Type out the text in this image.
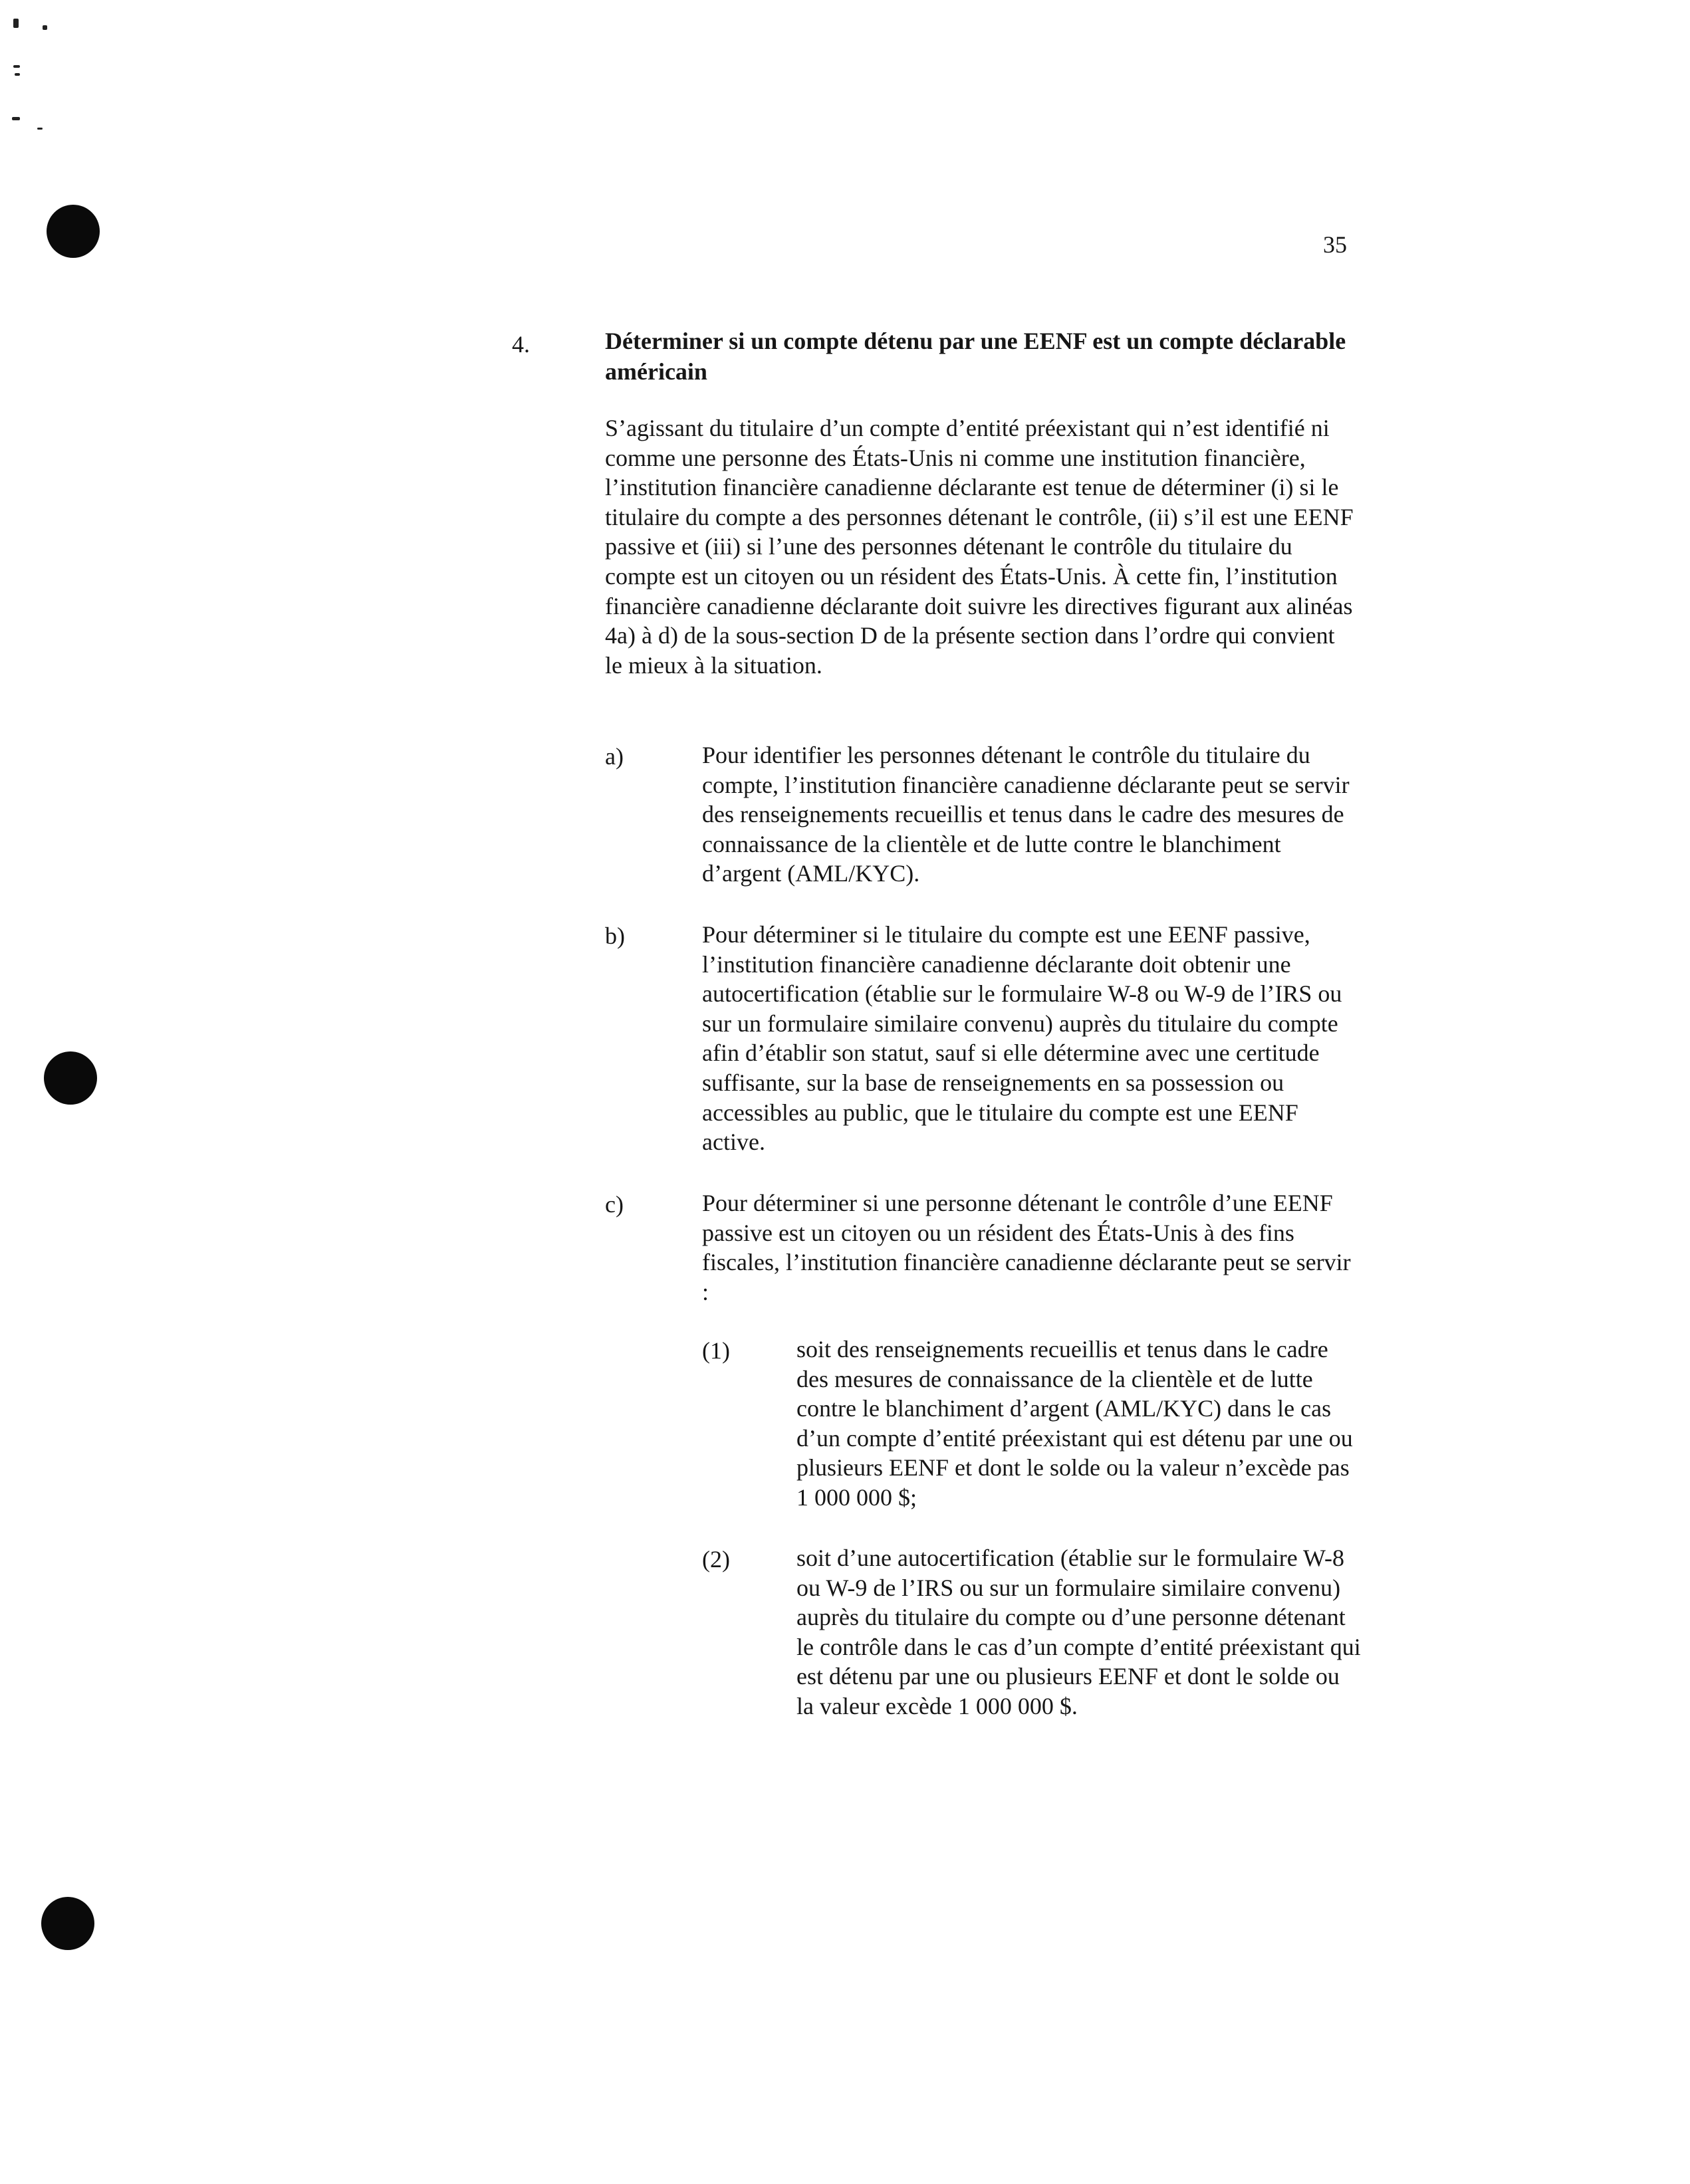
35
4.	Déterminer si un compte détenu par une EENF est un compte déclarable américain

S’agissant du titulaire d’un compte d’entité préexistant qui n’est identifié ni comme une personne des États-Unis ni comme une institution financière, l’institution financière canadienne déclarante est tenue de déterminer (i) si le titulaire du compte a des personnes détenant le contrôle, (ii) s’il est une EENF passive et (iii) si l’une des personnes détenant le contrôle du titulaire du compte est un citoyen ou un résident des États-Unis. À cette fin, l’institution financière canadienne déclarante doit suivre les directives figurant aux alinéas 4a) à d) de la sous-section D de la présente section dans l’ordre qui convient le mieux à la situation.

a)	Pour identifier les personnes détenant le contrôle du titulaire du compte, l’institution financière canadienne déclarante peut se servir des renseignements recueillis et tenus dans le cadre des mesures de connaissance de la clientèle et de lutte contre le blanchiment d’argent (AML/KYC).

b)	Pour déterminer si le titulaire du compte est une EENF passive, l’institution financière canadienne déclarante doit obtenir une autocertification (établie sur le formulaire W-8 ou W-9 de l’IRS ou sur un formulaire similaire convenu) auprès du titulaire du compte afin d’établir son statut, sauf si elle détermine avec une certitude suffisante, sur la base de renseignements en sa possession ou accessibles au public, que le titulaire du compte est une EENF active.

c)	Pour déterminer si une personne détenant le contrôle d’une EENF passive est un citoyen ou un résident des États-Unis à des fins fiscales, l’institution financière canadienne déclarante peut se servir :

(1)	soit des renseignements recueillis et tenus dans le cadre des mesures de connaissance de la clientèle et de lutte contre le blanchiment d’argent (AML/KYC) dans le cas d’un compte d’entité préexistant qui est détenu par une ou plusieurs EENF et dont le solde ou la valeur n’excède pas 1 000 000 $;

(2)	soit d’une autocertification (établie sur le formulaire W-8 ou W-9 de l’IRS ou sur un formulaire similaire convenu) auprès du titulaire du compte ou d’une personne détenant le contrôle dans le cas d’un compte d’entité préexistant qui est détenu par une ou plusieurs EENF et dont le solde ou la valeur excède 1 000 000 $.
